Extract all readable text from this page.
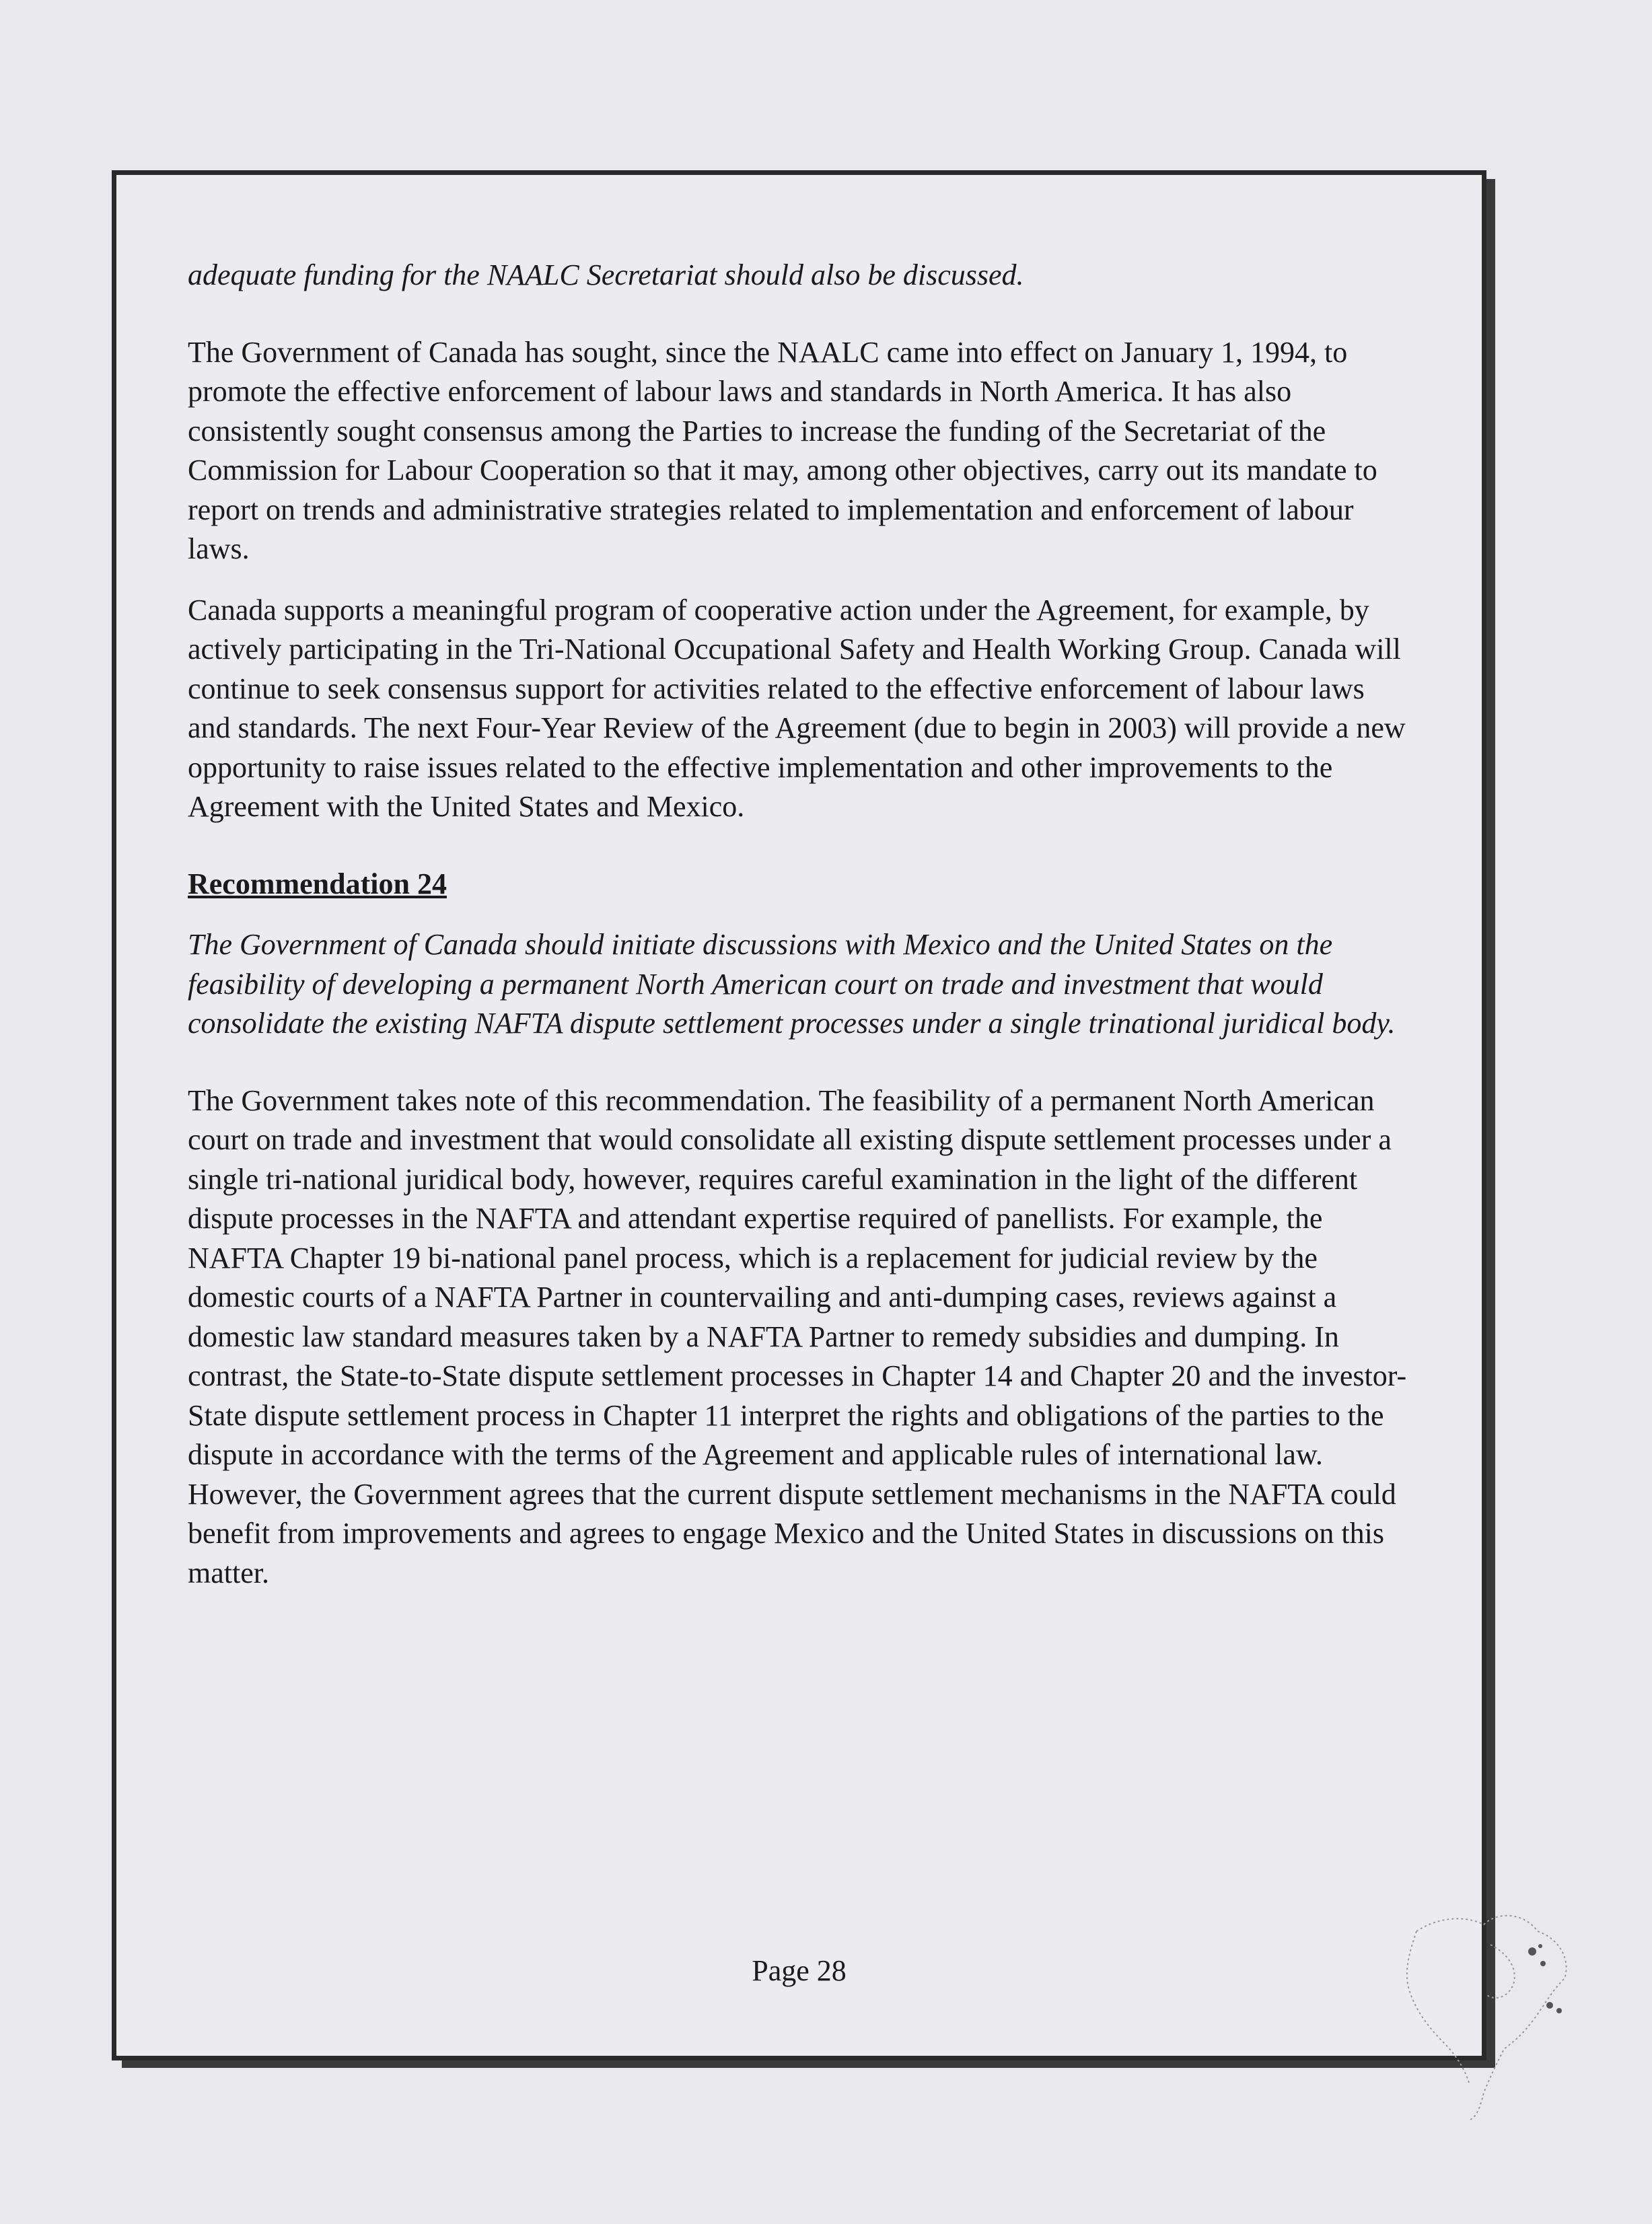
adequate funding for the NAALC Secretariat should also be discussed.

The Government of Canada has sought, since the NAALC came into effect on January 1, 1994, to promote the effective enforcement of labour laws and standards in North America. It has also consistently sought consensus among the Parties to increase the funding of the Secretariat of the Commission for Labour Cooperation so that it may, among other objectives, carry out its mandate to report on trends and administrative strategies related to implementation and enforcement of labour laws.

Canada supports a meaningful program of cooperative action under the Agreement, for example, by actively participating in the Tri-National Occupational Safety and Health Working Group. Canada will continue to seek consensus support for activities related to the effective enforcement of labour laws and standards. The next Four-Year Review of the Agreement (due to begin in 2003) will provide a new opportunity to raise issues related to the effective implementation and other improvements to the Agreement with the United States and Mexico.

Recommendation 24

The Government of Canada should initiate discussions with Mexico and the United States on the feasibility of developing a permanent North American court on trade and investment that would consolidate the existing NAFTA dispute settlement processes under a single trinational juridical body.

The Government takes note of this recommendation. The feasibility of a permanent North American court on trade and investment that would consolidate all existing dispute settlement processes under a single tri-national juridical body, however, requires careful examination in the light of the different dispute processes in the NAFTA and attendant expertise required of panellists. For example, the NAFTA Chapter 19 bi-national panel process, which is a replacement for judicial review by the domestic courts of a NAFTA Partner in countervailing and anti-dumping cases, reviews against a domestic law standard measures taken by a NAFTA Partner to remedy subsidies and dumping. In contrast, the State-to-State dispute settlement processes in Chapter 14 and Chapter 20 and the investor-State dispute settlement process in Chapter 11 interpret the rights and obligations of the parties to the dispute in accordance with the terms of the Agreement and applicable rules of international law. However, the Government agrees that the current dispute settlement mechanisms in the NAFTA could benefit from improvements and agrees to engage Mexico and the United States in discussions on this matter.

Page 28
